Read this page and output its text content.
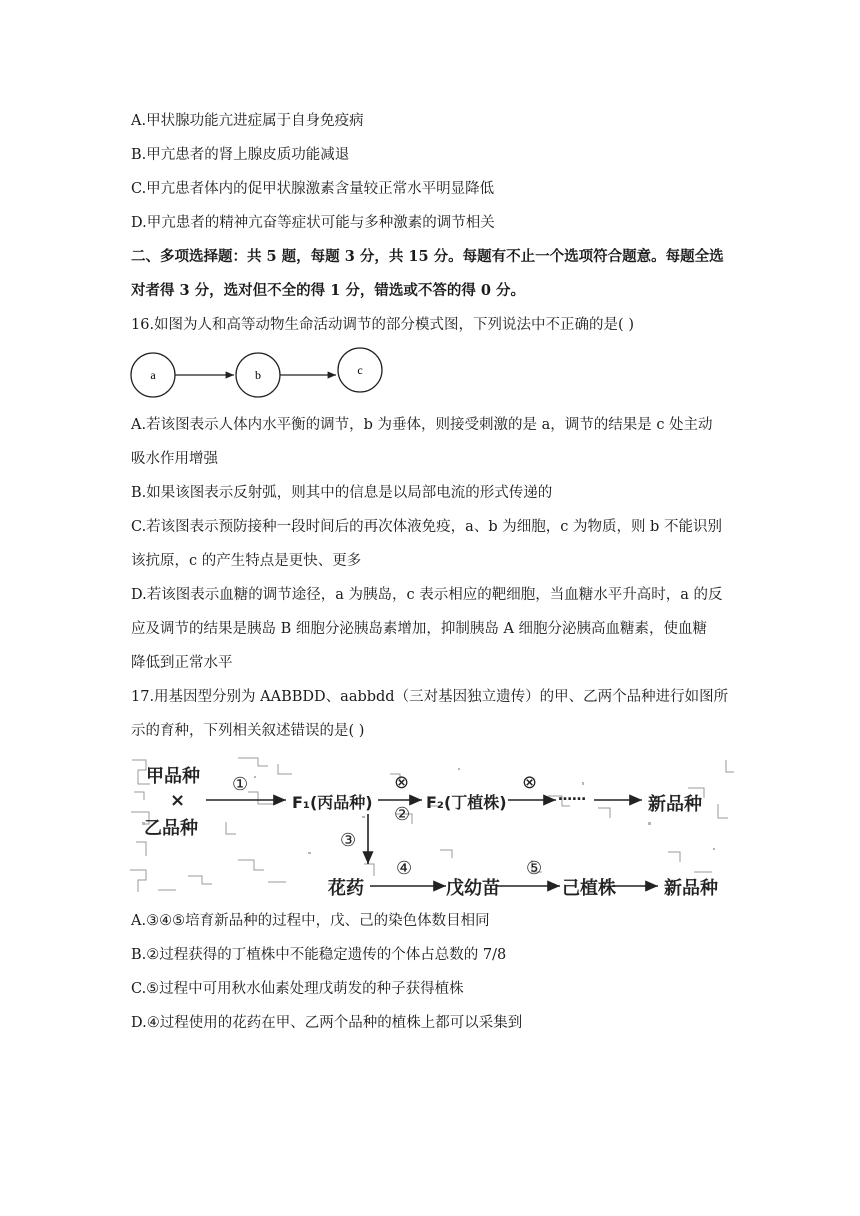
A.甲状腺功能亢进症属于自身免疫病
B.甲亢患者的肾上腺皮质功能减退
C.甲亢患者体内的促甲状腺激素含量较正常水平明显降低
D.甲亢患者的精神亢奋等症状可能与多种激素的调节相关
二、多项选择题：共 5 题，每题 3 分，共 15 分。每题有不止一个选项符合题意。每题全选
对者得 3 分，选对但不全的得 1 分，错选或不答的得 0 分。
16.如图为人和高等动物生命活动调节的部分模式图，下列说法中不正确的是( )
a	b	c
A.若该图表示人体内水平衡的调节，b 为垂体，则接受刺激的是 a，调节的结果是 c 处主动
吸水作用增强
B.如果该图表示反射弧，则其中的信息是以局部电流的形式传递的
C.若该图表示预防接种一段时间后的再次体液免疫，a、b 为细胞，c 为物质，则 b 不能识别
该抗原，c 的产生特点是更快、更多
D.若该图表示血糖的调节途径，a 为胰岛，c 表示相应的靶细胞，当血糖水平升高时，a 的反
应及调节的结果是胰岛 B 细胞分泌胰岛素增加，抑制胰岛 A 细胞分泌胰高血糖素，使血糖
降低到正常水平
17.用基因型分别为 AABBDD、aabbdd（三对基因独立遗传）的甲、乙两个品种进行如图所
示的育种，下列相关叙述错误的是( )
甲品种
×
乙品种
①
F₁(丙品种)
⊗
②
F₂(丁植株)
⊗
……	新品种
③
花药
④
戊幼苗
⑤
己植株	新品种
A.③④⑤培育新品种的过程中，戊、己的染色体数目相同
B.②过程获得的丁植株中不能稳定遗传的个体占总数的 7/8
C.⑤过程中可用秋水仙素处理戊萌发的种子获得植株
D.④过程使用的花药在甲、乙两个品种的植株上都可以采集到
